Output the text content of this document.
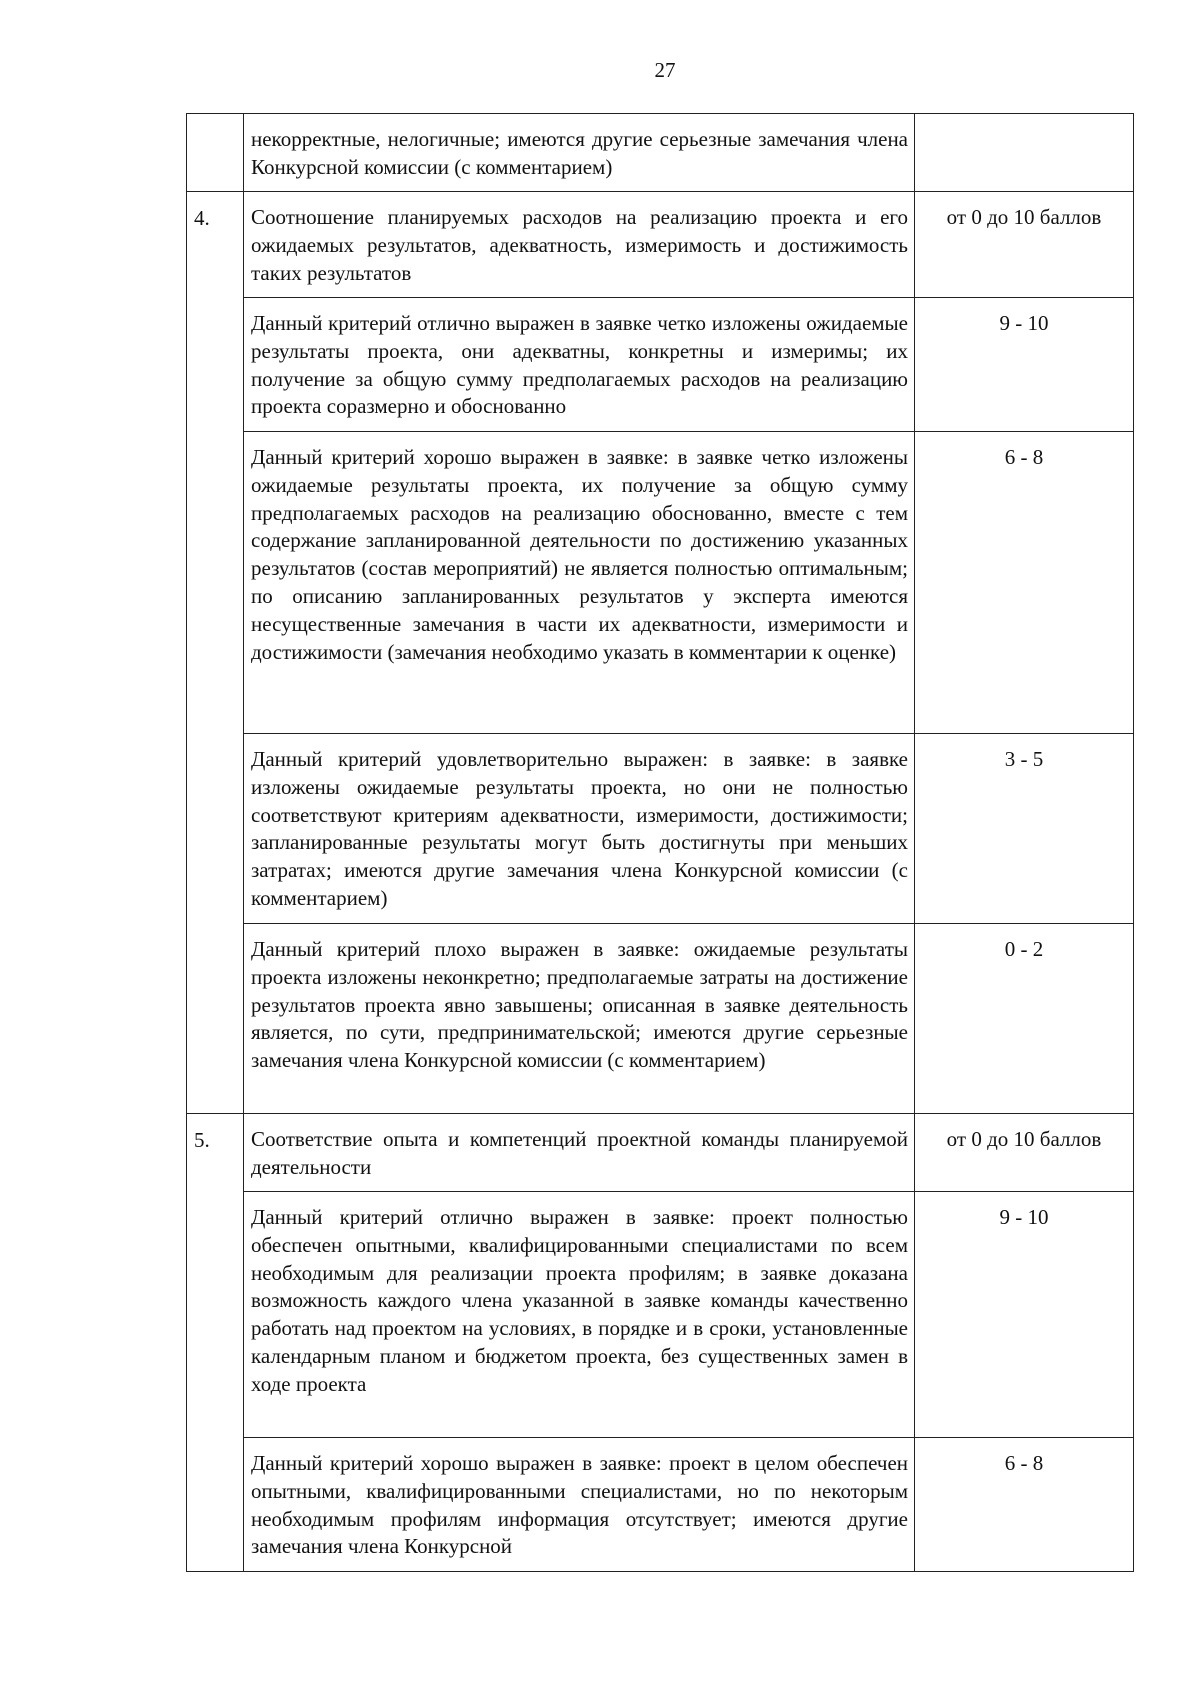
27
	некорректные, нелогичные; имеются другие серьезные замечания члена Конкурсной комиссии (с комментарием)	
4.	Соотношение планируемых расходов на реализацию проекта и его ожидаемых результатов, адекватность, измеримость и достижимость таких результатов	от 0 до 10 баллов
	Данный критерий отлично выражен в заявке четко изложены ожидаемые результаты проекта, они адекватны, конкретны и измеримы; их получение за общую сумму предполагаемых расходов на реализацию проекта соразмерно и обоснованно	9 - 10
	Данный критерий хорошо выражен в заявке: в заявке четко изложены ожидаемые результаты проекта, их получение за общую сумму предполагаемых расходов на реализацию обоснованно, вместе с тем содержание запланированной деятельности по достижению указанных результатов (состав мероприятий) не является полностью оптимальным; по описанию запланированных результатов у эксперта имеются несущественные замечания в части их адекватности, измеримости и достижимости (замечания необходимо указать в комментарии к оценке)	6 - 8
	Данный критерий удовлетворительно выражен: в заявке: в заявке изложены ожидаемые результаты проекта, но они не полностью соответствуют критериям адекватности, измеримости, достижимости; запланированные результаты могут быть достигнуты при меньших затратах; имеются другие замечания члена Конкурсной комиссии (с комментарием)	3 - 5
	Данный критерий плохо выражен в заявке: ожидаемые результаты проекта изложены неконкретно; предполагаемые затраты на достижение результатов проекта явно завышены; описанная в заявке деятельность является, по сути, предпринимательской; имеются другие серьезные замечания члена Конкурсной комиссии (с комментарием)	0 - 2
5.	Соответствие опыта и компетенций проектной команды планируемой деятельности	от 0 до 10 баллов
	Данный критерий отлично выражен в заявке: проект полностью обеспечен опытными, квалифицированными специалистами по всем необходимым для реализации проекта профилям; в заявке доказана возможность каждого члена указанной в заявке команды качественно работать над проектом на условиях, в порядке и в сроки, установленные календарным планом и бюджетом проекта, без существенных замен в ходе проекта	9 - 10
	Данный критерий хорошо выражен в заявке: проект в целом обеспечен опытными, квалифицированными специалистами, но по некоторым необходимым профилям информация отсутствует; имеются другие замечания члена Конкурсной	6 - 8
